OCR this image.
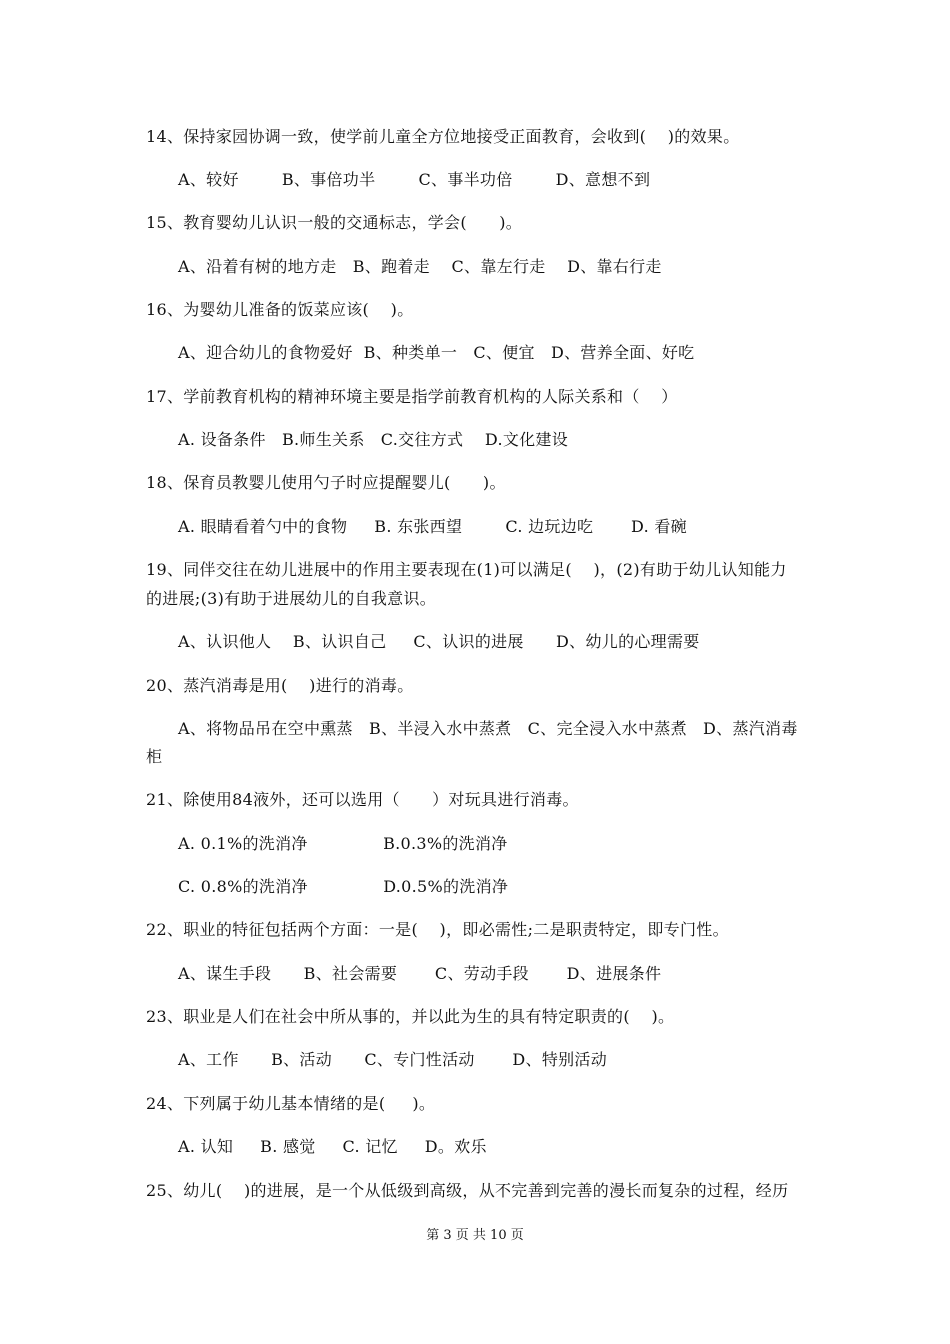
14、保持家园协调一致，使学前儿童全方位地接受正面教育，会收到(    )的效果。
A、较好        B、事倍功半        C、事半功倍        D、意想不到
15、教育婴幼儿认识一般的交通标志，学会(      )。
A、沿着有树的地方走   B、跑着走    C、靠左行走    D、靠右行走
16、为婴幼儿准备的饭菜应该(    )。
A、迎合幼儿的食物爱好  B、种类单一   C、便宜   D、营养全面、好吃
17、学前教育机构的精神环境主要是指学前教育机构的人际关系和（    ）
A. 设备条件   B.师生关系   C.交往方式    D.文化建设
18、保育员教婴儿使用勺子时应提醒婴儿(      )。
A. 眼睛看着勺中的食物     B. 东张西望        C. 边玩边吃       D. 看碗
19、同伴交往在幼儿进展中的作用主要表现在(1)可以满足(    )，(2)有助于幼儿认知能力
的进展;(3)有助于进展幼儿的自我意识。
A、认识他人    B、认识自己     C、认识的进展      D、幼儿的心理需要
20、蒸汽消毒是用(    )进行的消毒。
A、将物品吊在空中熏蒸   B、半浸入水中蒸煮   C、完全浸入水中蒸煮   D、蒸汽消毒
柜
21、除使用84液外，还可以选用（      ）对玩具进行消毒。
A. 0.1%的洗消净              B.0.3%的洗消净
C. 0.8%的洗消净              D.0.5%的洗消净
22、职业的特征包括两个方面：一是(    )，即必需性;二是职责特定，即专门性。
A、谋生手段      B、社会需要       C、劳动手段       D、进展条件
23、职业是人们在社会中所从事的，并以此为生的具有特定职责的(    )。
A、工作      B、活动      C、专门性活动       D、特别活动
24、下列属于幼儿基本情绪的是(     )。
A. 认知     B. 感觉     C. 记忆     D。欢乐
25、幼儿(    )的进展，是一个从低级到高级，从不完善到完善的漫长而复杂的过程，经历
第 3 页 共 10 页
